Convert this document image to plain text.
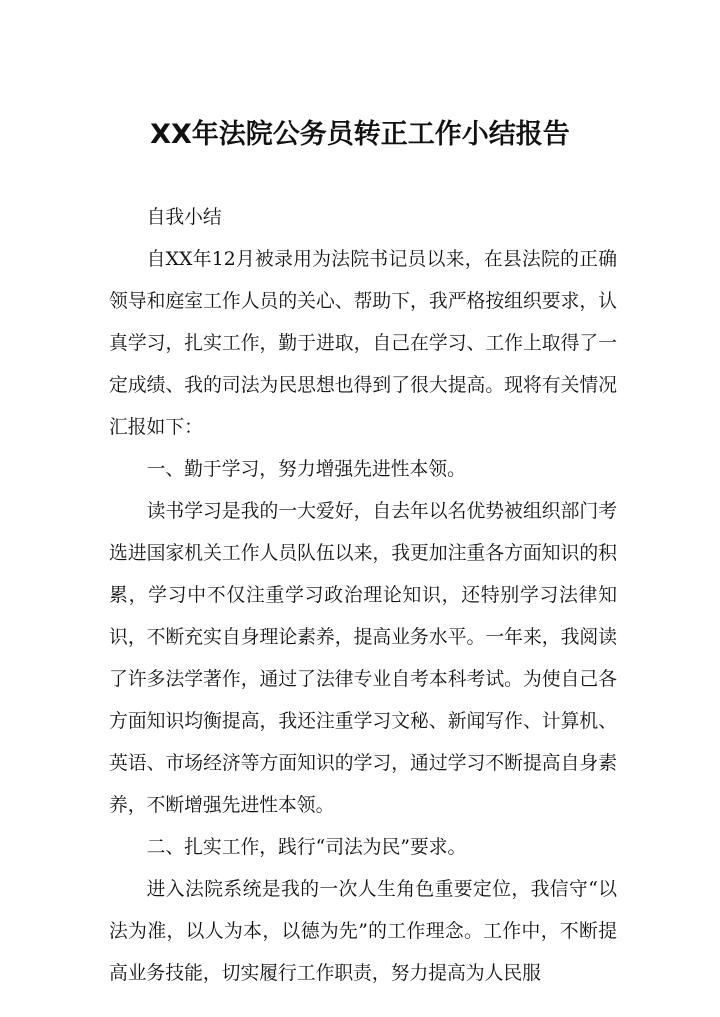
XX年法院公务员转正工作小结报告

自我小结

自XX年12月被录用为法院书记员以来，在县法院的正确领导和庭室工作人员的关心、帮助下，我严格按组织要求，认真学习，扎实工作，勤于进取，自己在学习、工作上取得了一定成绩、我的司法为民思想也得到了很大提高。现将有关情况汇报如下：

一、勤于学习，努力增强先进性本领。

读书学习是我的一大爱好，自去年以名优势被组织部门考选进国家机关工作人员队伍以来，我更加注重各方面知识的积累，学习中不仅注重学习政治理论知识，还特别学习法律知识，不断充实自身理论素养，提高业务水平。一年来，我阅读了许多法学著作，通过了法律专业自考本科考试。为使自己各方面知识均衡提高，我还注重学习文秘、新闻写作、计算机、英语、市场经济等方面知识的学习，通过学习不断提高自身素养，不断增强先进性本领。

二、扎实工作，践行“司法为民”要求。

进入法院系统是我的一次人生角色重要定位，我信守“以法为准，以人为本，以德为先”的工作理念。工作中，不断提高业务技能，切实履行工作职责，努力提高为人民服
